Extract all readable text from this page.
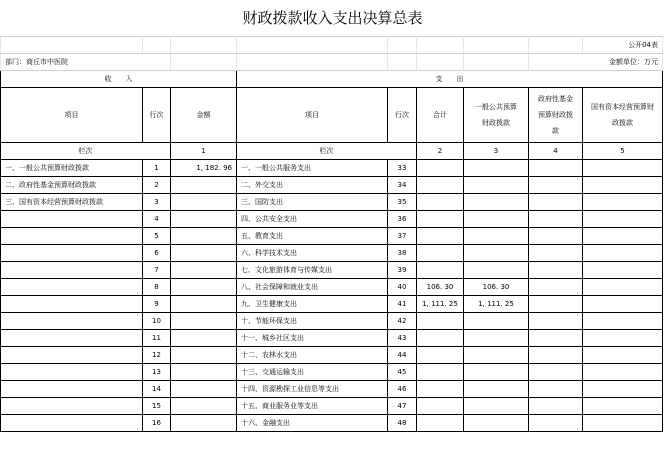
财政拨款收入支出决算总表
								公开04表
部门：商丘市中医院							金额单位：万元	
收　　入			支　　出					
项目	行次	金额	项目	行次	合计	一般公共预算财政拨款	政府性基金预算财政拨款	国有资本经营预算财政拨款
栏次		1	栏次		2	3	4	5
一、一般公共预算财政拨款	1	1, 182. 96	一、一般公共服务支出	33				
二、政府性基金预算财政拨款	2		二、外交支出	34				
三、国有资本经营预算财政拨款	3		三、国防支出	35				
	4		四、公共安全支出	36				
	5		五、教育支出	37				
	6		六、科学技术支出	38				
	7		七、文化旅游体育与传媒支出	39				
	8		八、社会保障和就业支出	40	106. 30	106. 30		
	9		九、卫生健康支出	41	1, 111. 25	1, 111. 25		
	10		十、节能环保支出	42				
	11		十一、城乡社区支出	43				
	12		十二、农林水支出	44				
	13		十三、交通运输支出	45				
	14		十四、资源勘探工业信息等支出	46				
	15		十五、商业服务业等支出	47				
	16		十六、金融支出	48				
